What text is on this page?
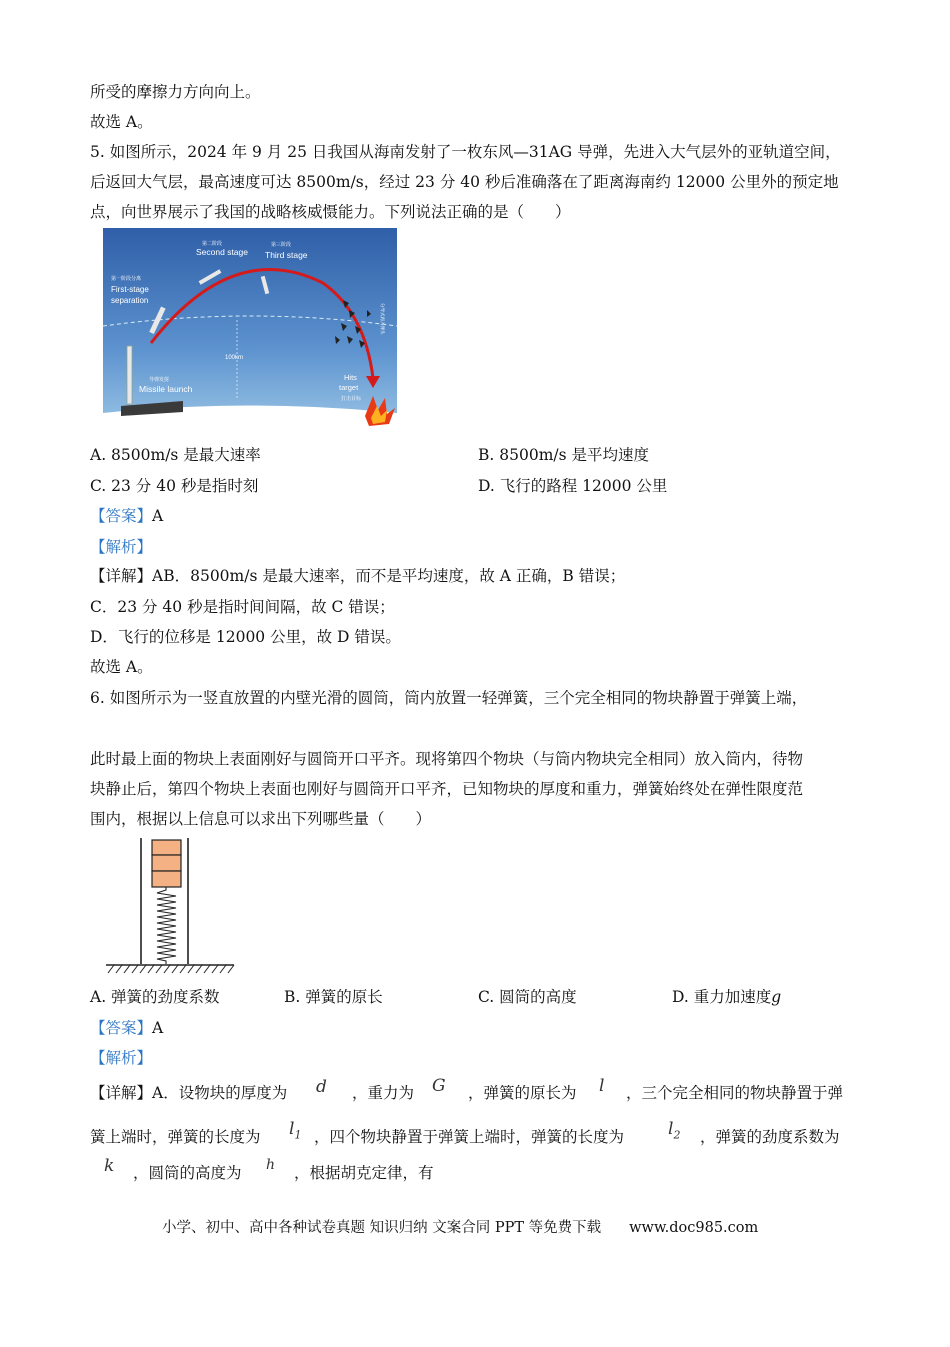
所受的摩擦力方向向上。
故选 A。
5. 如图所示，2024 年 9 月 25 日我国从海南发射了一枚东风—31AG 导弹，先进入大气层外的亚轨道空间，
后返回大气层，最高速度可达 8500m/s，经过 23 分 40 秒后准确落在了距离海南约 12000 公里外的预定地
点，向世界展示了我国的战略核威慑能力。下列说法正确的是（　　）
第一阶段分离
First-stage
separation
第二阶段
Second stage
第三阶段
Third stage
100km
导弹发射
Missile launch
Hits
target
打击目标
分导式再入弹头
A. 8500m/s 是最大速率	B. 8500m/s 是平均速度
C. 23 分 40 秒是指时刻	D. 飞行的路程 12000 公里
【答案】A
【解析】
【详解】AB．8500m/s 是最大速率，而不是平均速度，故 A 正确，B 错误；
C．23 分 40 秒是指时间间隔，故 C 错误；
D．飞行的位移是 12000 公里，故 D 错误。
故选 A。
6. 如图所示为一竖直放置的内壁光滑的圆筒，筒内放置一轻弹簧，三个完全相同的物块静置于弹簧上端，
此时最上面的物块上表面刚好与圆筒开口平齐。现将第四个物块（与筒内物块完全相同）放入筒内，待物
块静止后，第四个物块上表面也刚好与圆筒开口平齐，已知物块的厚度和重力，弹簧始终处在弹性限度范
围内，根据以上信息可以求出下列哪些量（　　）
A. 弹簧的劲度系数	B. 弹簧的原长	C. 圆筒的高度	D. 重力加速度g
【答案】A
【解析】
【详解】A．设物块的厚度为 d ，重力为 G ，弹簧的原长为 l ，三个完全相同的物块静置于弹
簧上端时，弹簧的长度为 $l_1$ ，四个物块静置于弹簧上端时，弹簧的长度为	$l_2$ ，弹簧的劲度系数为
k ，圆筒的高度为 h ，根据胡克定律，有
小学、初中、高中各种试卷真题 知识归纳 文案合同 PPT 等免费下载 www.doc985.com
